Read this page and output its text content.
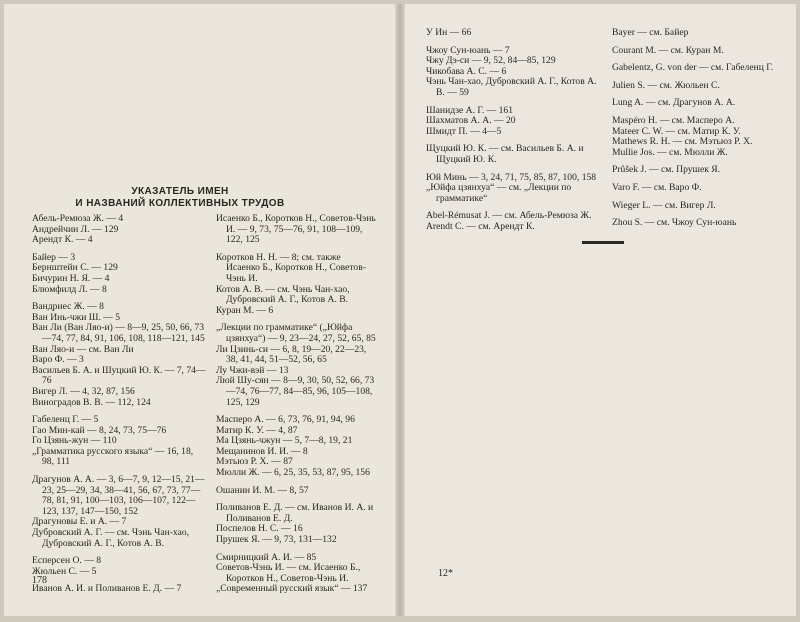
УКАЗАТЕЛЬ ИМЕН
И НАЗВАНИЙ КОЛЛЕКТИВНЫХ ТРУДОВ
Абель-Ремюза Ж. — 4
Андрейчин Л. — 129
Арендт К. — 4
Байер — 3
Бернштейн С. — 129
Бичурин Н. Я. — 4
Блюмфилд Л. — 8
Вандриес Ж. — 8
Ван Инь-чжи Ш. — 5
Ван Ли (Ван Ляо-и) — 8—9, 25, 50, 66, 73—74, 77, 84, 91, 106, 108, 118—121, 145
Ван Ляо-и — см. Ван Ли
Варо Ф. — 3
Васильев Б. А. и Шуцкий Ю. К. — 7, 74—76
Вигер Л. — 4, 32, 87, 156
Виноградов В. В. — 112, 124
Габеленц Г. — 5
Гао Мин-кай — 8, 24, 73, 75—76
Го Цзянь-жун — 110
„Грамматика русского языка“ — 16, 18, 98, 111
Драгунов А. А. — 3, 6—7, 9, 12—15, 21—23, 25—29, 34, 38—41, 56, 67, 73, 77—78, 81, 91, 100—103, 106—107, 122—123, 137, 147—150, 152
Драгуновы Е. и А. — 7
Дубровский А. Г. — см. Чэнь Чан-хао, Дубровский А. Г., Котов А. В.
Есперсен О. — 8
Жюльен С. — 5
Иванов А. И. и Поливанов Е. Д. — 7
Исаенко Б., Коротков Н., Советов-Чэнь И. — 9, 73, 75—76, 91, 108—109, 122, 125
Коротков Н. Н. — 8; см. также Исаенко Б., Коротков Н., Советов-Чэнь И.
Котов А. В. — см. Чэнь Чан-хао, Дубровский А. Г., Котов А. В.
Куран М. — 6
„Лекции по грамматике“ („Юйфа цзянхуа“) — 9, 23—24, 27, 52, 65, 85
Ли Цзинь-си — 6, 8, 19—20, 22—23, 38, 41, 44, 51—52, 56, 65
Лу Чжи-вэй — 13
Люй Шу-сян — 8—9, 30, 50, 52, 66, 73—74, 76—77, 84—85, 96, 105—108, 125, 129
Масперо А. — 6, 73, 76, 91, 94, 96
Матир К. У. — 4, 87
Ма Цзянь-чжун — 5, 7—8, 19, 21
Мещанинов И. И. — 8
Мэтьюз Р. Х. — 87
Мюлли Ж. — 6, 25, 35, 53, 87, 95, 156
Ошанин И. М. — 8, 57
Поливанов Е. Д. — см. Иванов И. А. и Поливанов Е. Д.
Поспелов Н. С. — 16
Прушек Я. — 9, 73, 131—132
Смирницкий А. И. — 85
Советов-Чэнь И. — см. Исаенко Б., Коротков Н., Советов-Чэнь И.
„Современный русский язык“ — 137
У Ин — 66
Чжоу Сун-юань — 7
Чжу Дэ-си — 9, 52, 84—85, 129
Чикобава А. С. — 6
Чэнь Чан-хао, Дубровский А. Г., Котов А. В. — 59
Шанидзе А. Г. — 161
Шахматов А. А. — 20
Шмидт П. — 4—5
Щуцкий Ю. К. — см. Васильев Б. А. и Щуцкий Ю. К.
Юй Минь — 3, 24, 71, 75, 85, 87, 100, 158
„Юйфа цзянхуа“ — см. „Лекции по грамматике“
Abel-Rémusat J. — см. Абель-Ремюза Ж.
Arendt C. — см. Арендт К.
Bayer — см. Байер
Courant M. — см. Куран М.
Gabelentz, G. von der — см. Габеленц Г.
Julien S. — см. Жюльен С.
Lung A. — см. Драгунов А. А.
Maspéro H. — см. Масперо А.
Mateer C. W. — см. Матир К. У.
Mathews R. H. — см. Мэтьюз Р. Х.
Mullie Jos. — см. Мюлли Ж.
Průšek J. — см. Прушек Я.
Varo F. — см. Варо Ф.
Wieger L. — см. Вигер Л.
Zhou S. — см. Чжоу Сун-юань
178
12*
